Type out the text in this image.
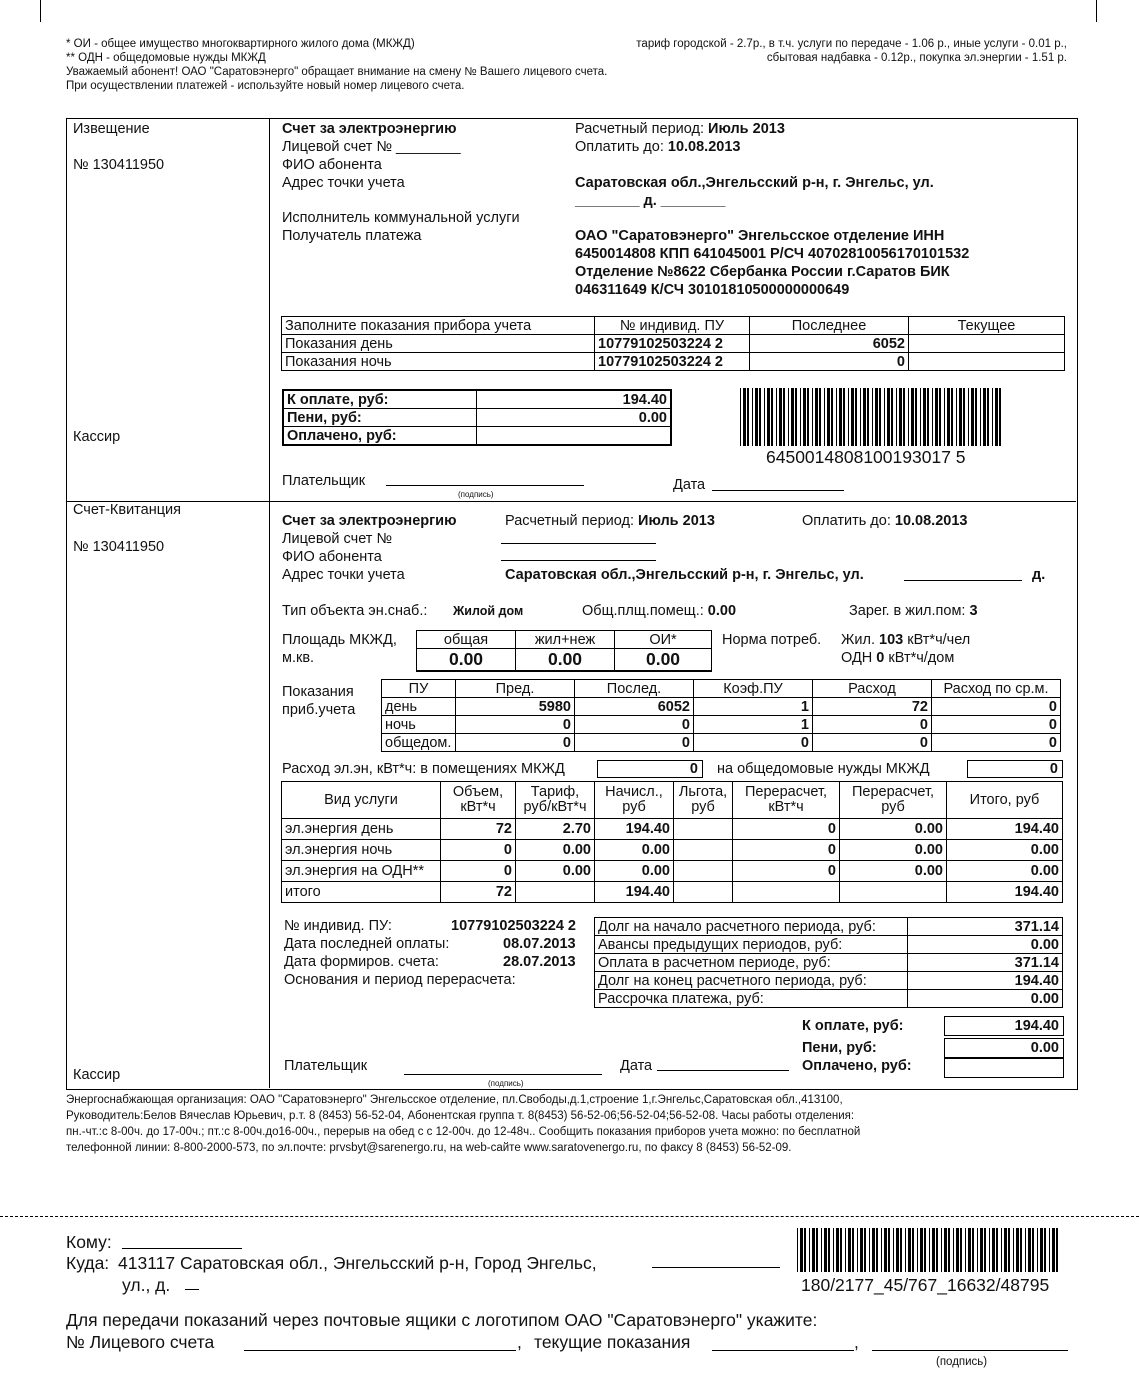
* ОИ - общее имущество многоквартирного жилого дома (МКЖД)
** ОДН - общедомовые нужды МКЖД
Уважаемый абонент! ОАО "Саратовэнерго" обращает внимание на смену № Вашего лицевого счета.
При осуществлении платежей - используйте новый номер лицевого счета.
тариф городской - 2.7р., в т.ч. услуги по передаче - 1.06 р., иные услуги - 0.01 р.,
сбытовая надбавка - 0.12р., покупка эл.энергии - 1.51 р.
Извещение
№ 130411950
Кассир
Счет за электроэнергию
Лицевой счет № ________
ФИО абонента
Адрес точки учета
Исполнитель коммунальной услуги
Получатель платежа
Расчетный период: Июль 2013
Оплатить до: 10.08.2013
Саратовская обл.,Энгельсский р-н, г. Энгельс, ул.
________ д. ________
ОАО "Саратовэнерго" Энгельсское отделение ИНН
6450014808 КПП 641045001 Р/СЧ 40702810056170101532
Отделение №8622 Сбербанка России г.Саратов БИК
046311649 К/СЧ 30101810500000000649
Заполните показания прибора учета	№ индивид. ПУ	Последнее	Текущее
Показания день	10779102503224 2	6052	
Показания ночь	10779102503224 2	0	
К оплате, руб:	194.40
Пени, руб:	0.00
Оплачено, руб:	
6450014808100193017 5
Плательщик
(подпись)
Дата
Счет-Квитанция
№ 130411950
Кассир
Счет за электроэнергию	Расчетный период: Июль 2013	Оплатить до: 10.08.2013
Лицевой счет №
ФИО абонента
Адрес точки учета	Саратовская обл.,Энгельсский р-н, г. Энгельс, ул.	д.
Тип объекта эн.снаб.: Жилой дом	Общ.плщ.помещ.: 0.00	Зарег. в жил.пом: 3
Площадь МКЖД,
м.кв.
общая	жил+неж	ОИ*
0.00	0.00	0.00
Норма потреб. Жил. 103 кВт*ч/чел
ОДН 0 кВт*ч/дом
Показания
приб.учета
ПУ	Пред.	Послед.	Коэф.ПУ	Расход	Расход по ср.м.
день	5980	6052	1	72	0
ночь	0	0	1	0	0
общедом.	0	0	0	0	0
Расход эл.эн, кВт*ч: в помещениях МКЖД	0	на общедомовые нужды МКЖД	0
Вид услуги	Объем, кВт*ч	Тариф, руб/кВт*ч	Начисл., руб	Льгота, руб	Перерасчет, кВт*ч	Перерасчет, руб	Итого, руб
эл.энергия день	72	2.70	194.40		0	0.00	194.40
эл.энергия ночь	0	0.00	0.00		0	0.00	0.00
эл.энергия на ОДН**	0	0.00	0.00		0	0.00	0.00
итого	72		194.40				194.40
№ индивид. ПУ:	10779102503224 2
Дата последней оплаты:	08.07.2013
Дата формиров. счета:	28.07.2013
Основания и период перерасчета:
Долг на начало расчетного периода, руб:	371.14
Авансы предыдущих периодов, руб:	0.00
Оплата в расчетном периоде, руб:	371.14
Долг на конец расчетного периода, руб:	194.40
Рассрочка платежа, руб:	0.00
К оплате, руб:	194.40
Пени, руб:	0.00
Оплачено, руб:
Плательщик
(подпись)
Дата
Энергоснабжающая организация: ОАО "Саратовэнерго" Энгельсское отделение, пл.Свободы,д.1,строение 1,г.Энгельс,Саратовская обл.,413100,
Руководитель:Белов Вячеслав Юрьевич, р.т. 8 (8453) 56-52-04, Абонентская группа т. 8(8453) 56-52-06;56-52-04;56-52-08. Часы работы отделения:
пн.-чт.:с 8-00ч. до 17-00ч.; пт.:с 8-00ч.до16-00ч., перерыв на обед с с 12-00ч. до 12-48ч.. Сообщить показания приборов учета можно: по бесплатной
телефонной линии: 8-800-2000-573, по эл.почте: prvsbyt@sarenergo.ru, на web-сайте www.saratovenergo.ru, по факсу 8 (8453) 56-52-09.
Кому:
Куда: 413117 Саратовская обл., Энгельсский р-н, Город Энгельс,
ул., д.	180/2177_45/767_16632/48795
Для передачи показаний через почтовые ящики с логотипом ОАО "Саратовэнерго" укажите:
№ Лицевого счета	, текущие показания	,
(подпись)
